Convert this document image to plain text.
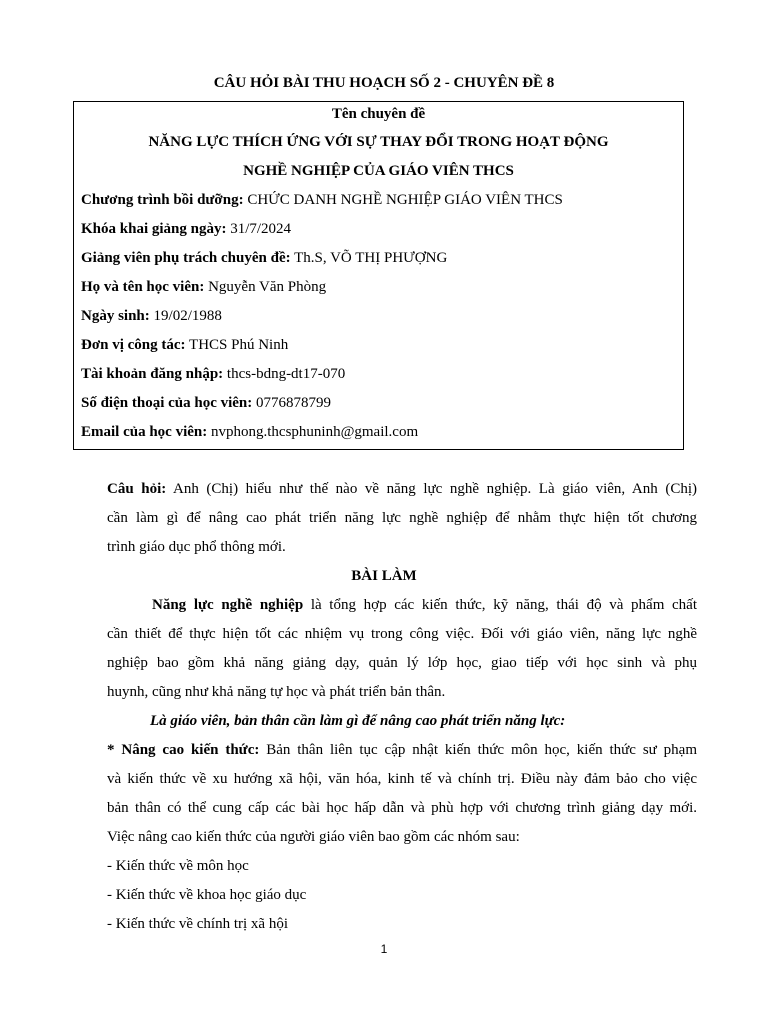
CÂU HỎI BÀI THU HOẠCH SỐ 2 - CHUYÊN ĐỀ 8
Tên chuyên đề
NĂNG LỰC THÍCH ỨNG VỚI SỰ THAY ĐỔI TRONG HOẠT ĐỘNG
NGHỀ NGHIỆP CỦA GIÁO VIÊN THCS
Chương trình bồi dưỡng: CHỨC DANH NGHỀ NGHIỆP GIÁO VIÊN THCS
Khóa khai giảng ngày: 31/7/2024
Giảng viên phụ trách chuyên đề: Th.S, VÕ THỊ PHƯỢNG
Họ và tên học viên: Nguyễn Văn Phòng
Ngày sinh: 19/02/1988
Đơn vị công tác: THCS Phú Ninh
Tài khoản đăng nhập: thcs-bdng-dt17-070
Số điện thoại của học viên: 0776878799
Email của học viên: nvphong.thcsphuninh@gmail.com
Câu hỏi: Anh (Chị) hiểu như thế nào về năng lực nghề nghiệp. Là giáo viên, Anh (Chị)
cần làm gì để nâng cao phát triển năng lực nghề nghiệp để nhằm thực hiện tốt chương
trình giáo dục phổ thông mới.
BÀI LÀM
Năng lực nghề nghiệp là tổng hợp các kiến thức, kỹ năng, thái độ và phẩm chất
cần thiết để thực hiện tốt các nhiệm vụ trong công việc. Đối với giáo viên, năng lực nghề
nghiệp bao gồm khả năng giảng dạy, quản lý lớp học, giao tiếp với học sinh và phụ
huynh, cũng như khả năng tự học và phát triển bản thân.
Là giáo viên, bản thân cần làm gì để nâng cao phát triển năng lực:
* Nâng cao kiến thức: Bản thân liên tục cập nhật kiến thức môn học, kiến thức sư phạm
và kiến thức về xu hướng xã hội, văn hóa, kinh tế và chính trị. Điều này đảm bảo cho việc
bản thân có thể cung cấp các bài học hấp dẫn và phù hợp với chương trình giảng dạy mới.
Việc nâng cao kiến thức của người giáo viên bao gồm các nhóm sau:
- Kiến thức về môn học
- Kiến thức về khoa học giáo dục
- Kiến thức về chính trị xã hội
1
